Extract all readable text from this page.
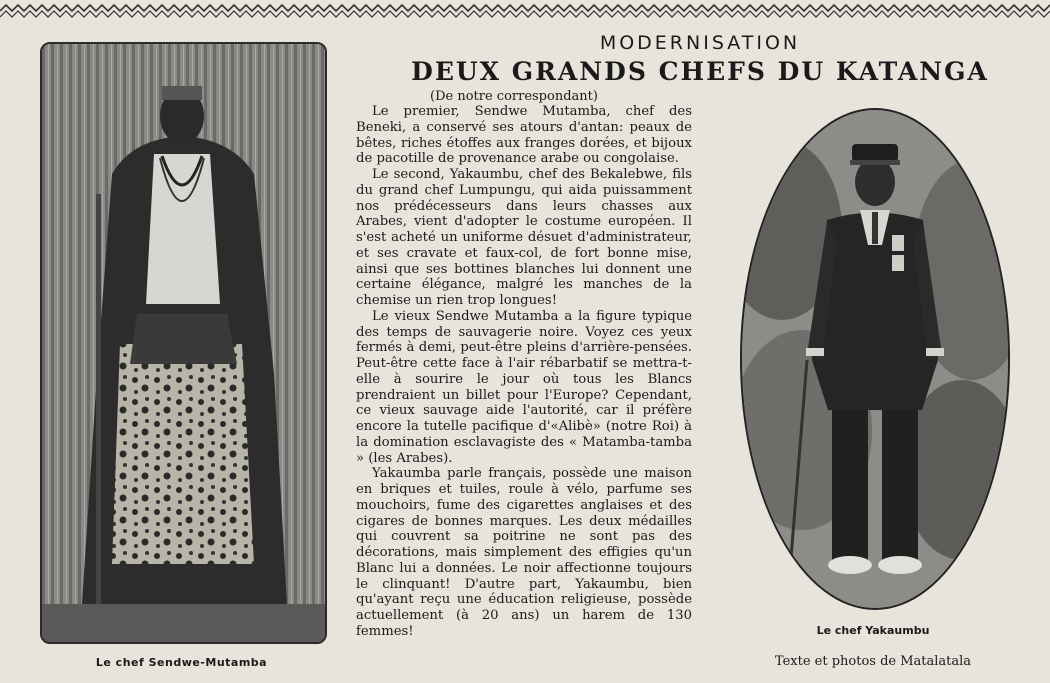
Le chef Sendwe-Mutamba
MODERNISATION
DEUX GRANDS CHEFS DU KATANGA
(De notre correspondant)

Le premier, Sendwe Mutamba, chef des Beneki, a conservé ses atours d'antan: peaux de bêtes, riches étoffes aux franges dorées, et bijoux de pacotille de provenance arabe ou congolaise.

Le second, Yakaumbu, chef des Bekalebwe, fils du grand chef Lumpungu, qui aida puissamment nos prédécesseurs dans leurs chasses aux Arabes, vient d'adopter le costume européen. Il s'est acheté un uniforme désuet d'administrateur, et ses cravate et faux-col, de fort bonne mise, ainsi que ses bottines blanches lui donnent une certaine élégance, malgré les manches de la chemise un rien trop longues!

Le vieux Sendwe Mutamba a la figure typique des temps de sauvagerie noire. Voyez ces yeux fermés à demi, peut-être pleins d'arrière-pensées. Peut-être cette face à l'air rébarbatif se mettra-t-elle à sourire le jour où tous les Blancs prendraient un billet pour l'Europe? Cependant, ce vieux sauvage aide l'autorité, car il préfère encore la tutelle pacifique d'«Alibè» (notre Roi) à la domination esclavagiste des « Matamba-tamba » (les Arabes).

Yakaumba parle français, possède une maison en briques et tuiles, roule à vélo, parfume ses mouchoirs, fume des cigarettes anglaises et des cigares de bonnes marques. Les deux médailles qui couvrent sa poitrine ne sont pas des décorations, mais simplement des effigies qu'un Blanc lui a données. Le noir affectionne toujours le clinquant! D'autre part, Yakaumbu, bien qu'ayant reçu une éducation religieuse, possède actuellement (à 20 ans) un harem de 130 femmes!	Le chef Yakaumbu
Texte et photos de Matalatala
